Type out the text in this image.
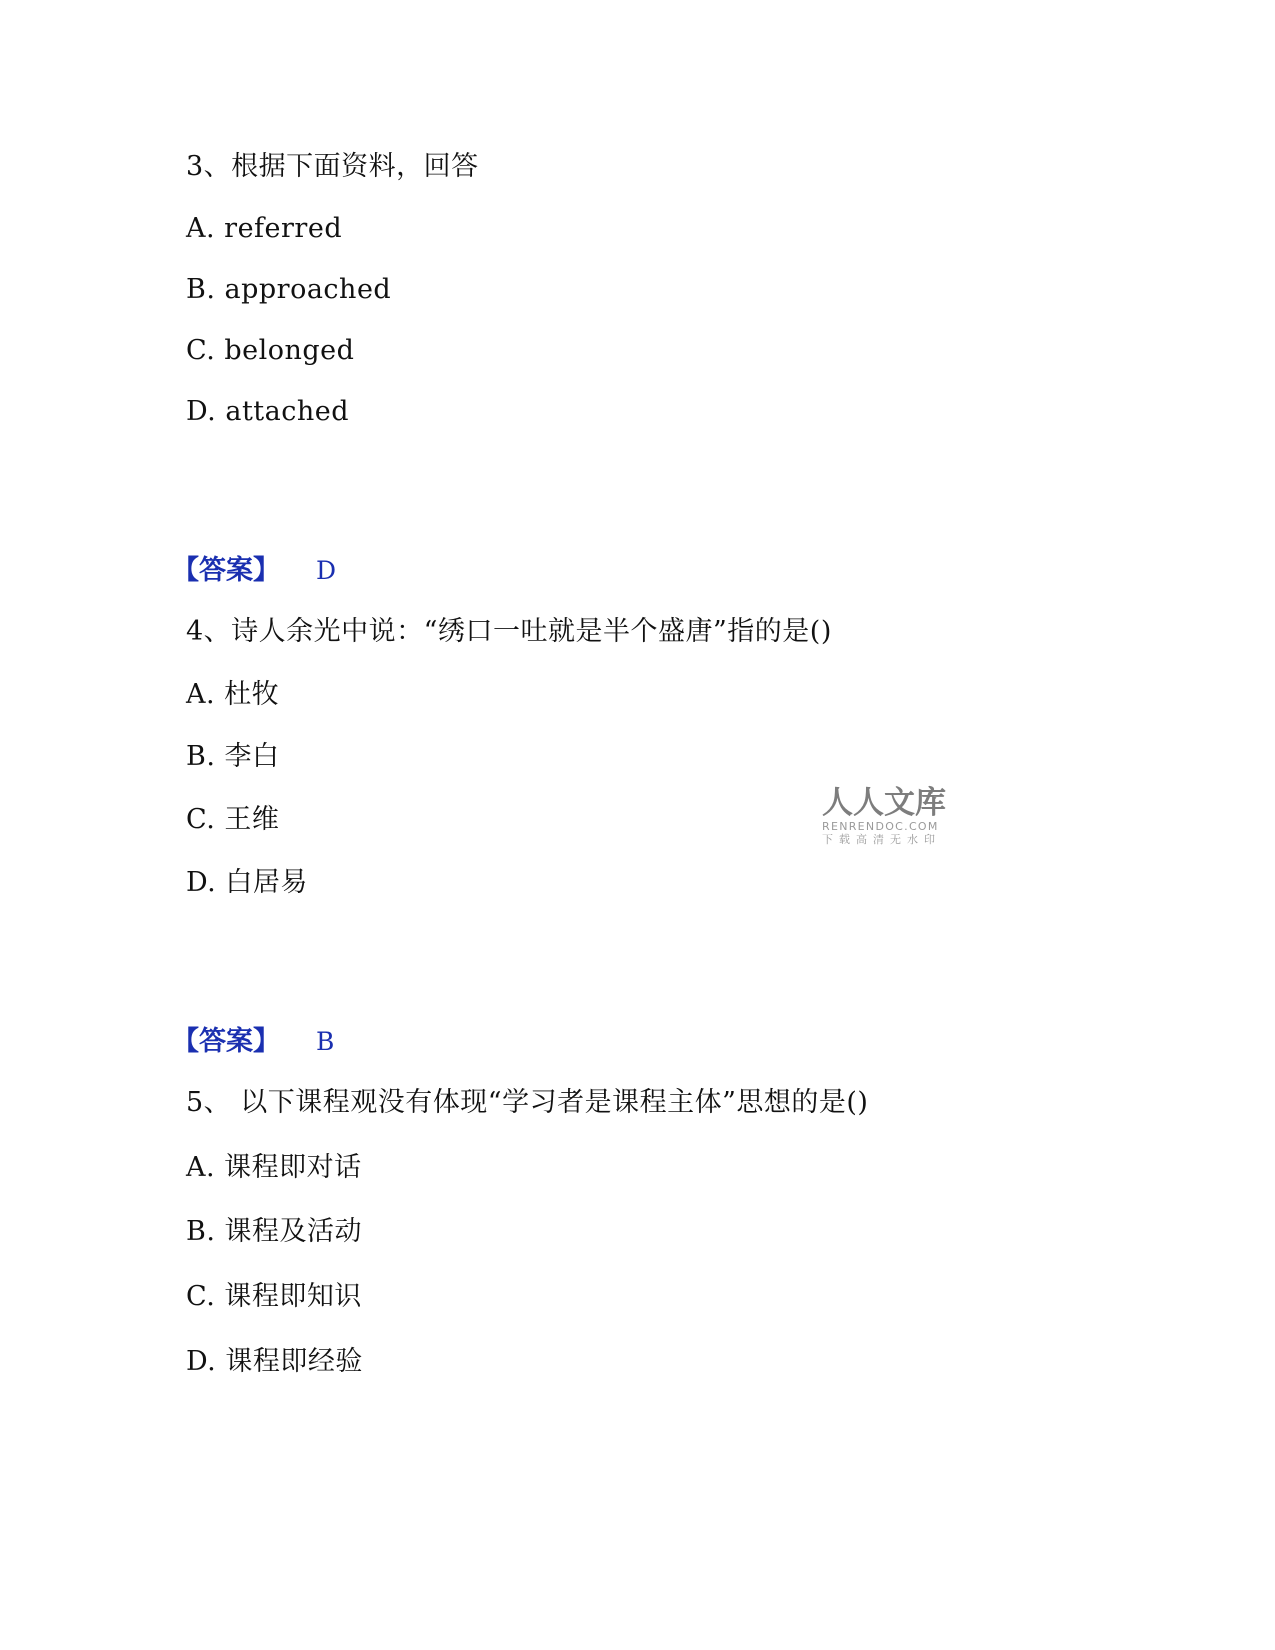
3、根据下面资料，回答
A. referred
B. approached
C. belonged
D. attached
【答案】 D
4、诗人余光中说：“绣口一吐就是半个盛唐”指的是()
A. 杜牧
B. 李白
C. 王维
D. 白居易
【答案】 B
5、 以下课程观没有体现“学习者是课程主体”思想的是()
A. 课程即对话
B. 课程及活动
C. 课程即知识
D. 课程即经验
人人文库
RENRENDOC.COM
下载高清无水印
